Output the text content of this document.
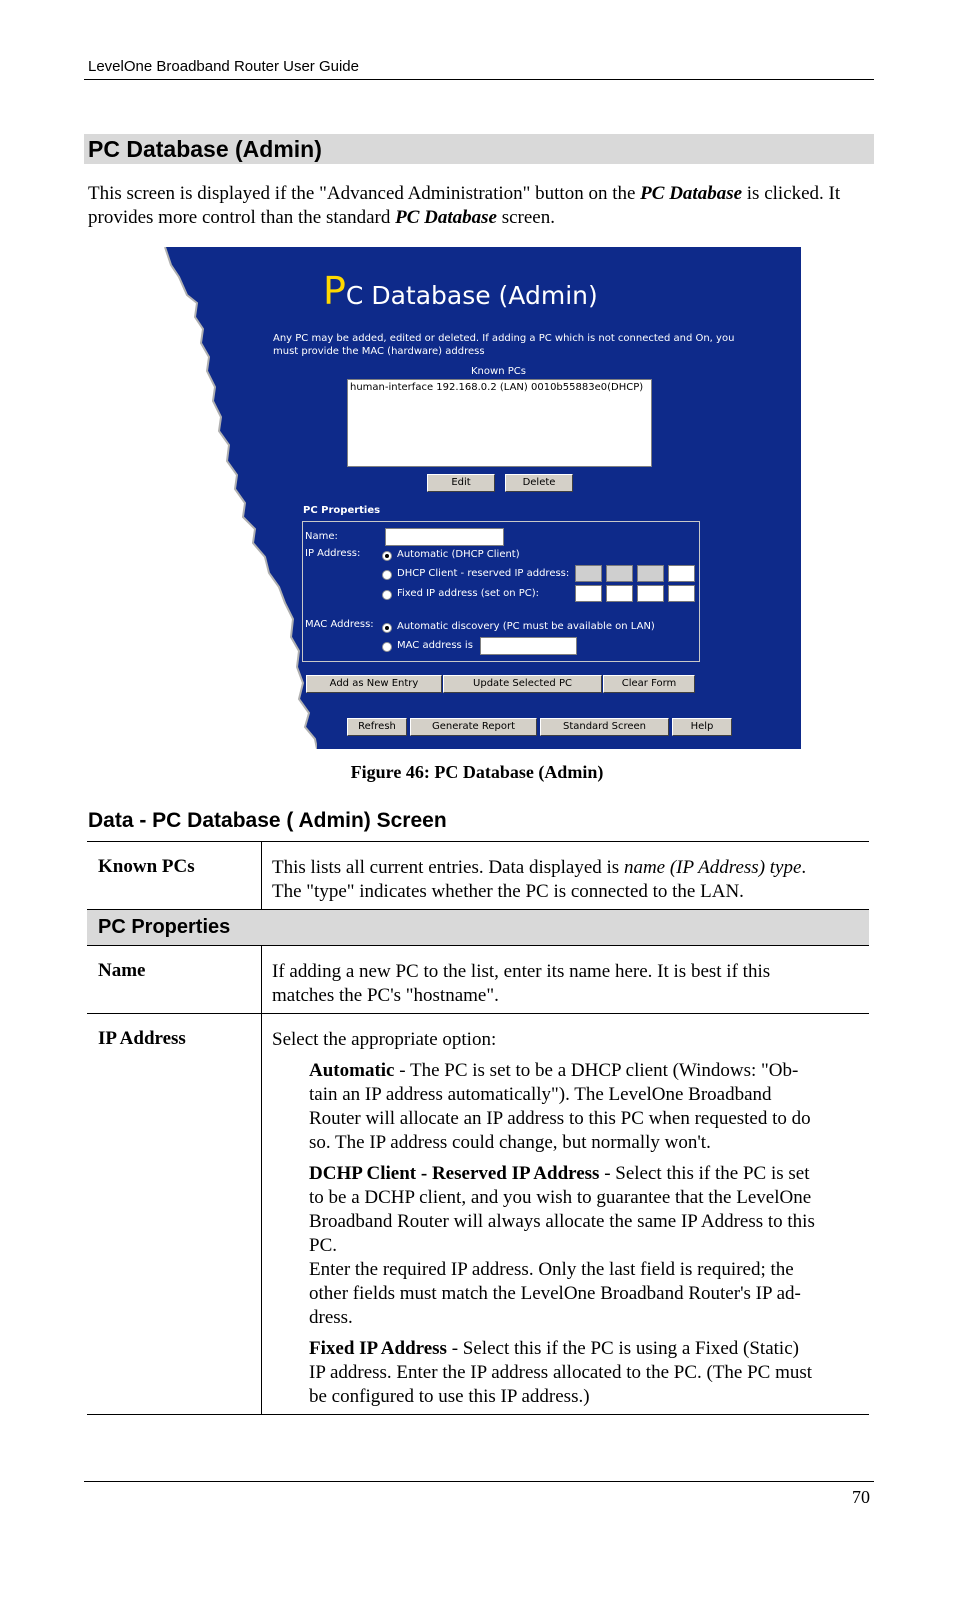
LevelOne Broadband Router User Guide
PC Database (Admin)
This screen is displayed if the "Advanced Administration" button on the PC Database is clicked. It provides more control than the standard PC Database screen.
PC Database (Admin)
Any PC may be added, edited or deleted. If adding a PC which is not connected and On, you
must provide the MAC (hardware) address
Known PCs
human-interface 192.168.0.2 (LAN) 0010b55883e0(DHCP)
Edit	Delete
PC Properties
Name:
IP Address:	Automatic (DHCP Client)
DHCP Client - reserved IP address:
Fixed IP address (set on PC):
MAC Address: Automatic discovery (PC must be available on LAN)
MAC address is
Add as New Entry	Update Selected PC	Clear Form
Refresh	Generate Report	Standard Screen	Help
Figure 46: PC Database (Admin)
Data - PC Database ( Admin) Screen
Known PCs	This lists all current entries. Data displayed is name (IP Address) type.
The "type" indicates whether the PC is connected to the LAN.
PC Properties
Name	If adding a new PC to the list, enter its name here. It is best if this
matches the PC's "hostname".
IP Address	Select the appropriate option:
Automatic - The PC is set to be a DHCP client (Windows: "Ob-
tain an IP address automatically"). The LevelOne Broadband
Router will allocate an IP address to this PC when requested to do
so. The IP address could change, but normally won't.
DCHP Client - Reserved IP Address - Select this if the PC is set
to be a DCHP client, and you wish to guarantee that the LevelOne
Broadband Router will always allocate the same IP Address to this
PC.
Enter the required IP address. Only the last field is required; the
other fields must match the LevelOne Broadband Router's IP ad-
dress.
Fixed IP Address - Select this if the PC is using a Fixed (Static)
IP address. Enter the IP address allocated to the PC. (The PC must
be configured to use this IP address.)
70
